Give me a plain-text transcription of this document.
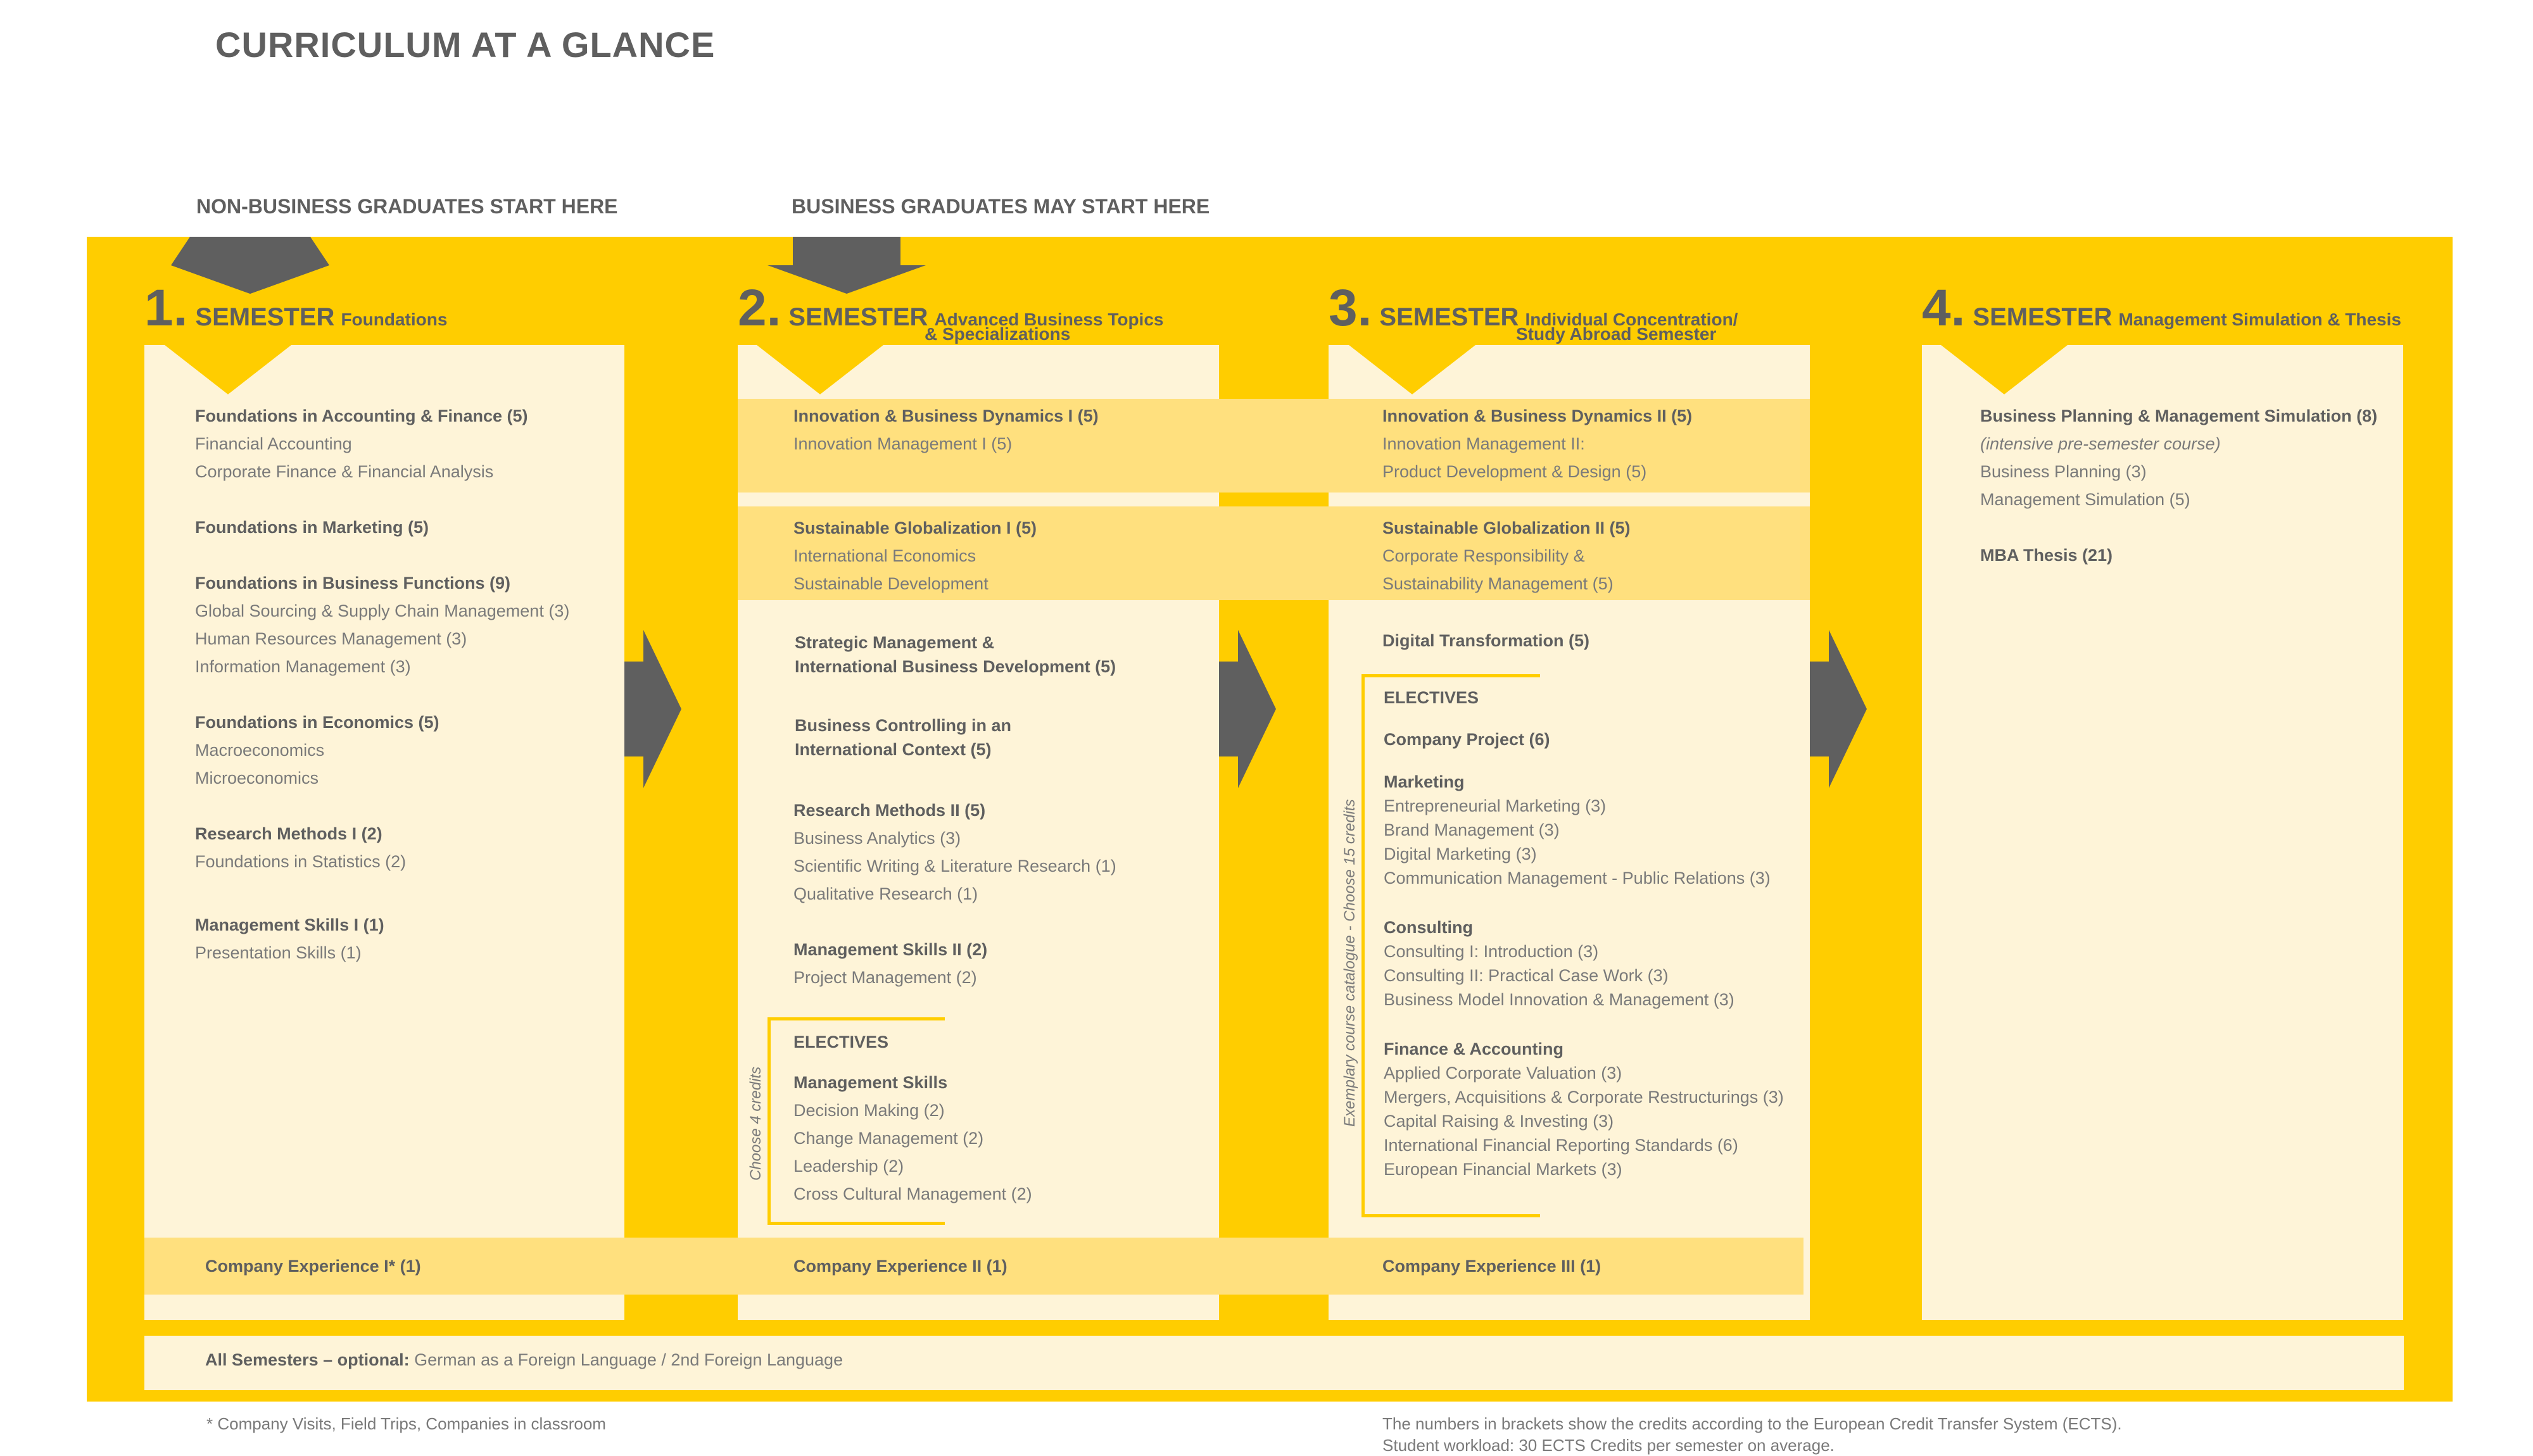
CURRICULUM AT A GLANCE
NON-BUSINESS GRADUATES START HERE	BUSINESS GRADUATES MAY START HERE
1. SEMESTER Foundations	2. SEMESTER Advanced Business Topics
& Specializations	3. SEMESTER Individual Concentration/
Study Abroad Semester	4. SEMESTER Management Simulation & Thesis
Foundations in Accounting & Finance (5)
Financial Accounting
Corporate Finance & Financial Analysis
Foundations in Marketing (5)
Foundations in Business Functions (9)
Global Sourcing & Supply Chain Management (3)
Human Resources Management (3)
Information Management (3)
Foundations in Economics (5)
Macroeconomics
Microeconomics
Research Methods I (2)
Foundations in Statistics (2)
Management Skills I (1)
Presentation Skills (1)
Company Experience I* (1)
Innovation & Business Dynamics I (5)
Innovation Management I (5)
Sustainable Globalization I (5)
International Economics
Sustainable Development
Strategic Management &
International Business Development (5)
Business Controlling in an
International Context (5)
Research Methods II (5)
Business Analytics (3)
Scientific Writing & Literature Research (1)
Qualitative Research (1)
Management Skills II (2)
Project Management (2)
Choose 4 credits
ELECTIVES
Management Skills
Decision Making (2)
Change Management (2)
Leadership (2)
Cross Cultural Management (2)
Company Experience II (1)
Innovation & Business Dynamics II (5)
Innovation Management II:
Product Development & Design (5)
Sustainable Globalization II (5)
Corporate Responsibility &
Sustainability Management (5)
Digital Transformation (5)
Exemplary course catalogue - Choose 15 credits
ELECTIVES
Company Project (6)
Marketing
Entrepreneurial Marketing (3)
Brand Management (3)
Digital Marketing (3)
Communication Management - Public Relations (3)
Consulting
Consulting I: Introduction (3)
Consulting II: Practical Case Work (3)
Business Model Innovation & Management (3)
Finance & Accounting
Applied Corporate Valuation (3)
Mergers, Acquisitions & Corporate Restructurings (3)
Capital Raising & Investing (3)
International Financial Reporting Standards (6)
European Financial Markets (3)
Company Experience III (1)
Business Planning & Management Simulation (8)
(intensive pre-semester course)
Business Planning (3)
Management Simulation (5)
MBA Thesis (21)
All Semesters – optional: German as a Foreign Language / 2nd Foreign Language
* Company Visits, Field Trips, Companies in classroom	The numbers in brackets show the credits according to the European Credit Transfer System (ECTS).
Student workload: 30 ECTS Credits per semester on average.
